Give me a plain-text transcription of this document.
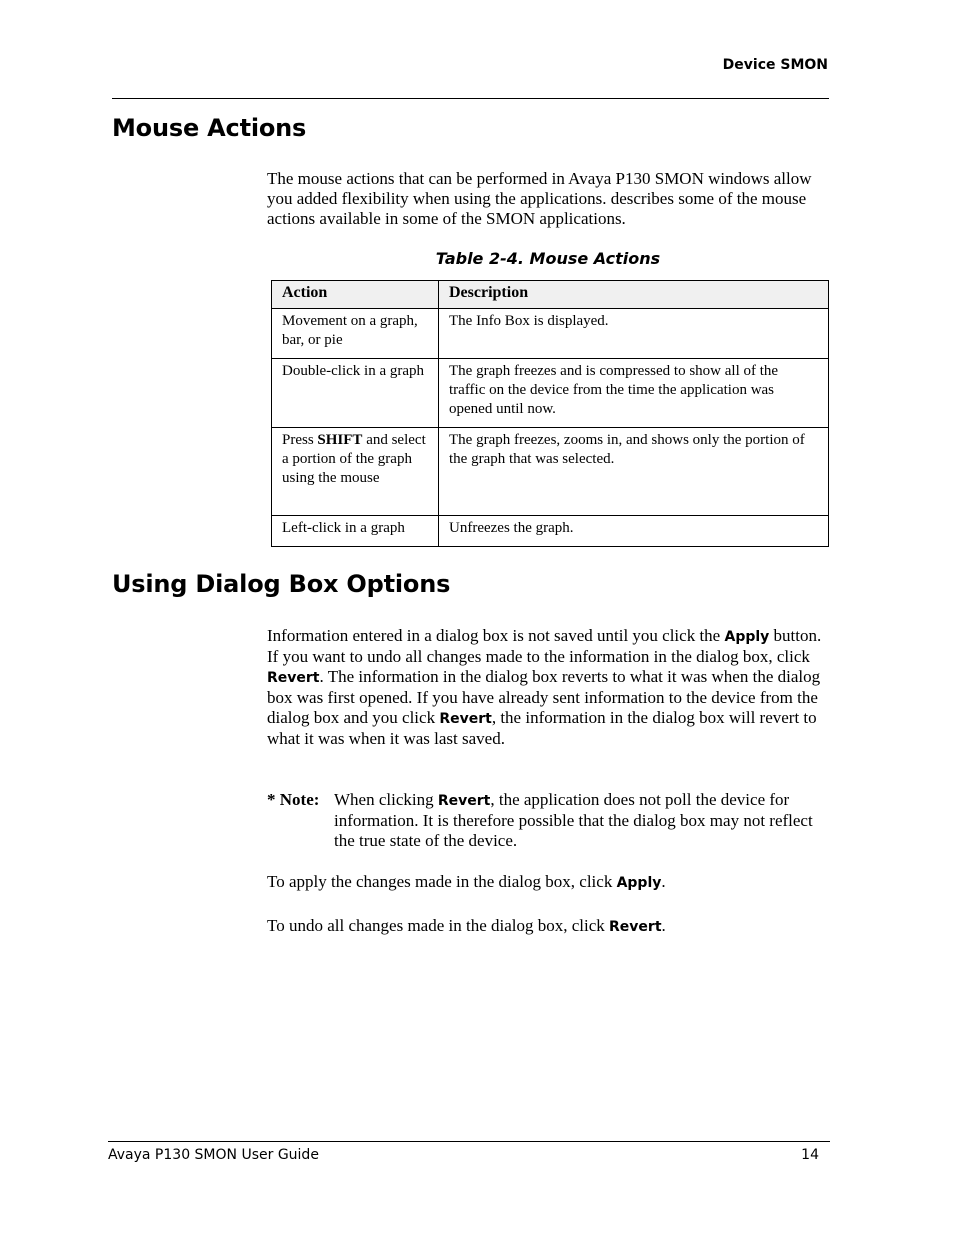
Device SMON
Mouse Actions

The mouse actions that can be performed in Avaya P130 SMON windows allow you added flexibility when using the applications. describes some of the mouse actions available in some of the SMON applications.

Table 2-4. Mouse Actions
Action	Description
Movement on a graph, bar, or pie	The Info Box is displayed.
Double-click in a graph	The graph freezes and is compressed to show all of the traffic on the device from the time the application was opened until now.
Press SHIFT and select a portion of the graph using the mouse	The graph freezes, zooms in, and shows only the portion of the graph that was selected.
Left-click in a graph	Unfreezes the graph.
Using Dialog Box Options

Information entered in a dialog box is not saved until you click the Apply button. If you want to undo all changes made to the information in the dialog box, click Revert. The information in the dialog box reverts to what it was when the dialog box was first opened. If you have already sent information to the device from the dialog box and you click Revert, the information in the dialog box will revert to what it was when it was last saved.

* Note: When clicking Revert, the application does not poll the device for information. It is therefore possible that the dialog box may not reflect the true state of the device.

To apply the changes made in the dialog box, click Apply.

To undo all changes made in the dialog box, click Revert.

Avaya P130 SMON User Guide	14
